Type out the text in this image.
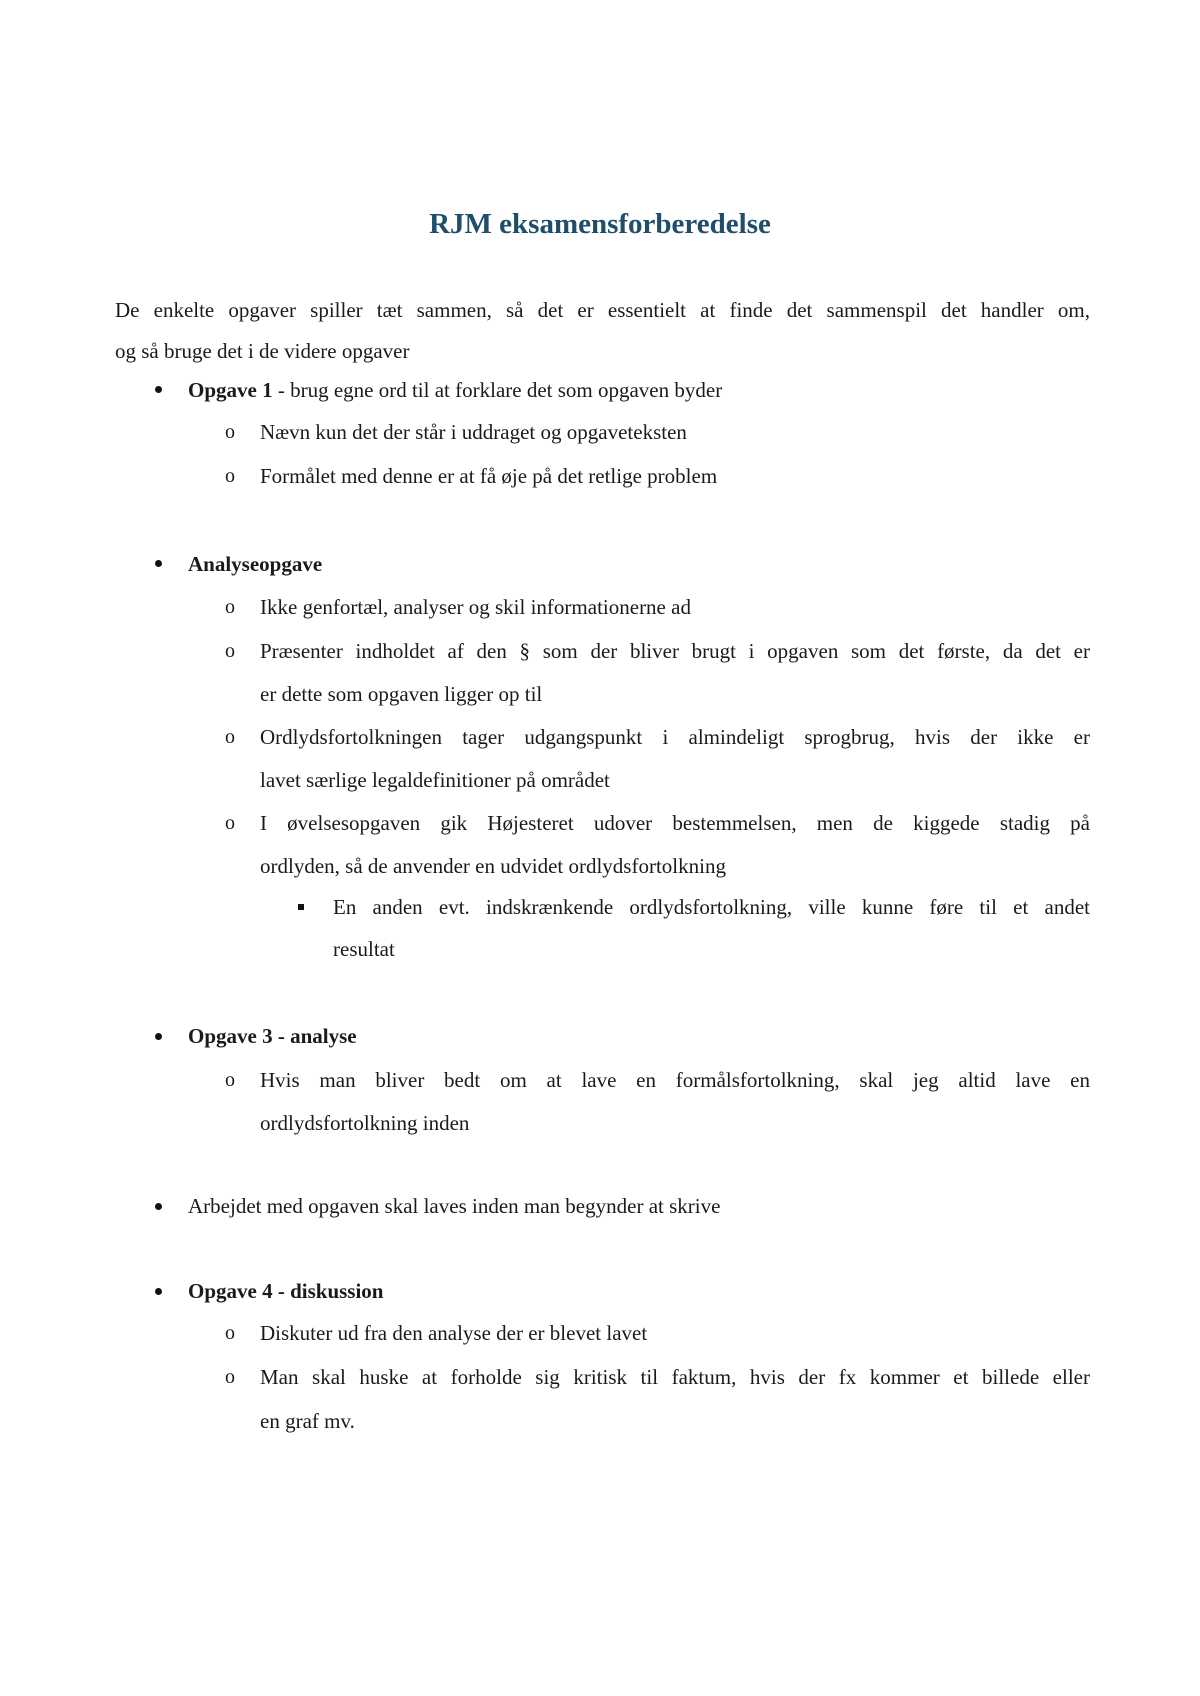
RJM eksamensforberedelse
De enkelte opgaver spiller tæt sammen, så det er essentielt at finde det sammenspil det handler om,
og så bruge det i de videre opgaver
Opgave 1 - brug egne ord til at forklare det som opgaven byder
o Nævn kun det der står i uddraget og opgaveteksten
o Formålet med denne er at få øje på det retlige problem
Analyseopgave
o Ikke genfortæl, analyser og skil informationerne ad
o Præsenter indholdet af den § som der bliver brugt i opgaven som det første, da det er
er dette som opgaven ligger op til
o Ordlydsfortolkningen tager udgangspunkt i almindeligt sprogbrug, hvis der ikke er
lavet særlige legaldefinitioner på området
o I øvelsesopgaven gik Højesteret udover bestemmelsen, men de kiggede stadig på
ordlyden, så de anvender en udvidet ordlydsfortolkning
En anden evt. indskrænkende ordlydsfortolkning, ville kunne føre til et andet
resultat
Opgave 3 - analyse
o Hvis man bliver bedt om at lave en formålsfortolkning, skal jeg altid lave en
ordlydsfortolkning inden
Arbejdet med opgaven skal laves inden man begynder at skrive
Opgave 4 - diskussion
o Diskuter ud fra den analyse der er blevet lavet
o Man skal huske at forholde sig kritisk til faktum, hvis der fx kommer et billede eller
en graf mv.
